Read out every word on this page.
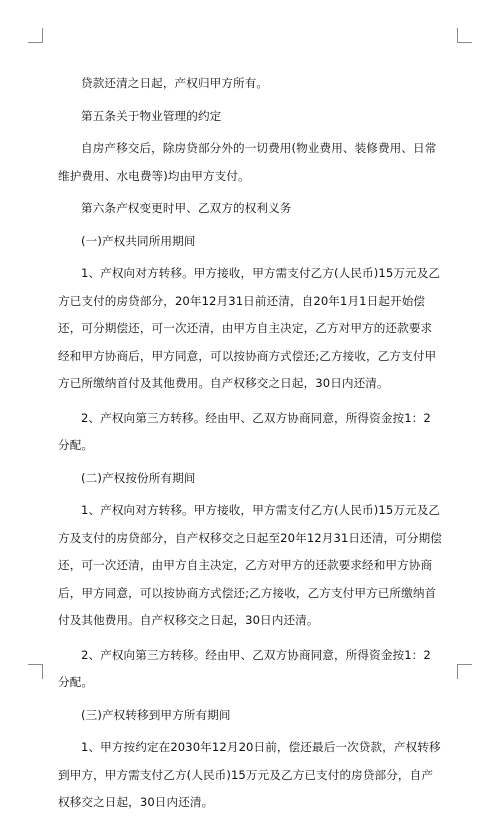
贷款还清之日起，产权归甲方所有。

第五条关于物业管理的约定

自房产移交后，除房贷部分外的一切费用(物业费用、装修费用、日常维护费用、水电费等)均由甲方支付。

第六条产权变更时甲、乙双方的权利义务

(一)产权共同所用期间

1、产权向对方转移。甲方接收，甲方需支付乙方(人民币)15万元及乙方已支付的房贷部分，20年12月31日前还清，自20年1月1日起开始偿还，可分期偿还，可一次还清，由甲方自主决定，乙方对甲方的还款要求经和甲方协商后，甲方同意，可以按协商方式偿还;乙方接收，乙方支付甲方已所缴纳首付及其他费用。自产权移交之日起，30日内还清。

2、产权向第三方转移。经由甲、乙双方协商同意，所得资金按1：2分配。

(二)产权按份所有期间

1、产权向对方转移。甲方接收，甲方需支付乙方(人民币)15万元及乙方及支付的房贷部分，自产权移交之日起至20年12月31日还清，可分期偿还，可一次还清，由甲方自主决定，乙方对甲方的还款要求经和甲方协商后，甲方同意，可以按协商方式偿还;乙方接收，乙方支付甲方已所缴纳首付及其他费用。自产权移交之日起，30日内还清。

2、产权向第三方转移。经由甲、乙双方协商同意，所得资金按1：2分配。

(三)产权转移到甲方所有期间

1、甲方按约定在2030年12月20日前，偿还最后一次贷款，产权转移到甲方，甲方需支付乙方(人民币)15万元及乙方已支付的房贷部分，自产权移交之日起，30日内还清。
